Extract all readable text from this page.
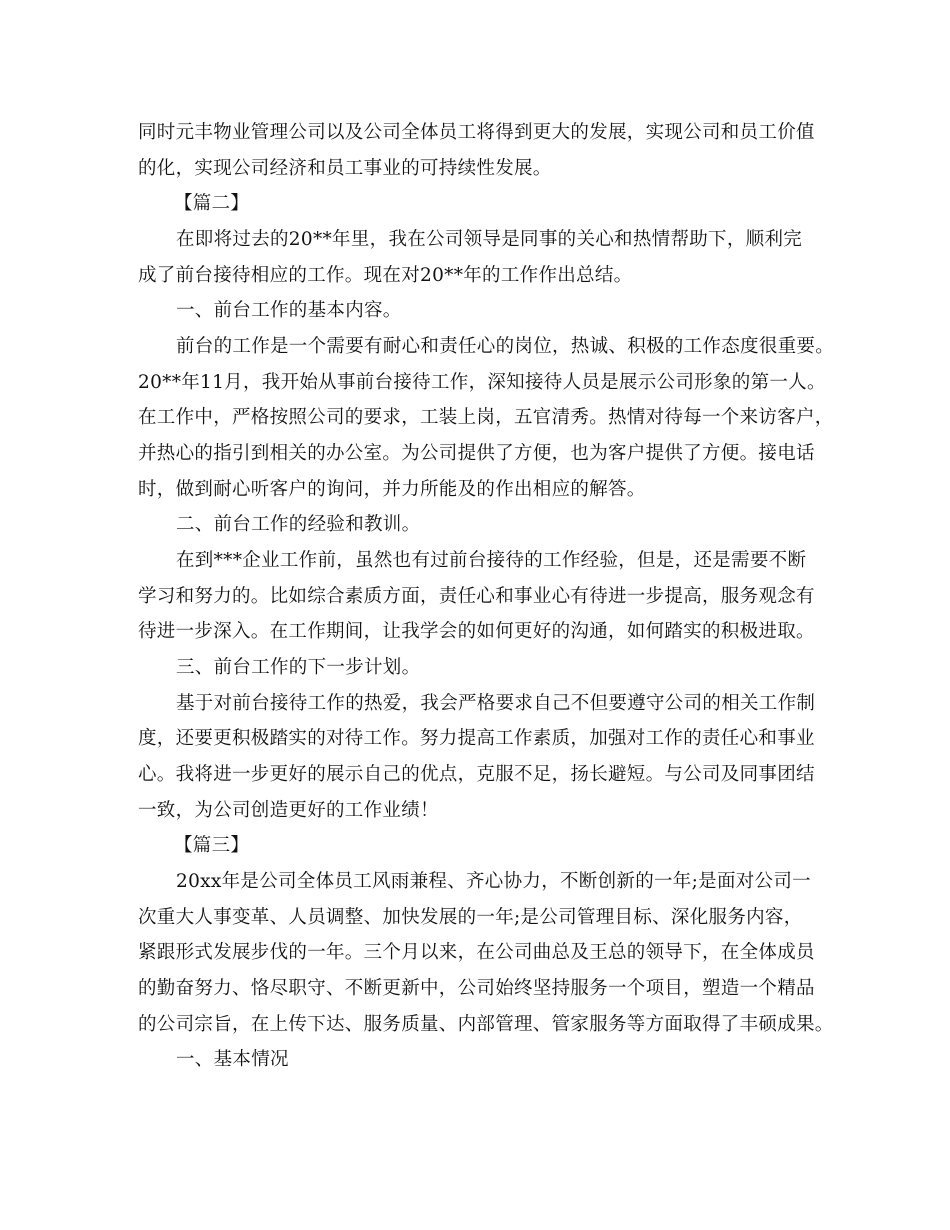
同时元丰物业管理公司以及公司全体员工将得到更大的发展，实现公司和员工价值
的化，实现公司经济和员工事业的可持续性发展。
【篇二】
在即将过去的20**年里，我在公司领导是同事的关心和热情帮助下，顺利完
成了前台接待相应的工作。现在对20**年的工作作出总结。
一、前台工作的基本内容。
前台的工作是一个需要有耐心和责任心的岗位，热诚、积极的工作态度很重要。
20**年11月，我开始从事前台接待工作，深知接待人员是展示公司形象的第一人。
在工作中，严格按照公司的要求，工装上岗，五官清秀。热情对待每一个来访客户，
并热心的指引到相关的办公室。为公司提供了方便，也为客户提供了方便。接电话
时，做到耐心听客户的询问，并力所能及的作出相应的解答。
二、前台工作的经验和教训。
在到***企业工作前，虽然也有过前台接待的工作经验，但是，还是需要不断
学习和努力的。比如综合素质方面，责任心和事业心有待进一步提高，服务观念有
待进一步深入。在工作期间，让我学会的如何更好的沟通，如何踏实的积极进取。
三、前台工作的下一步计划。
基于对前台接待工作的热爱，我会严格要求自己不但要遵守公司的相关工作制
度，还要更积极踏实的对待工作。努力提高工作素质，加强对工作的责任心和事业
心。我将进一步更好的展示自己的优点，克服不足，扬长避短。与公司及同事团结
一致，为公司创造更好的工作业绩！
【篇三】
20xx年是公司全体员工风雨兼程、齐心协力，不断创新的一年;是面对公司一
次重大人事变革、人员调整、加快发展的一年;是公司管理目标、深化服务内容，
紧跟形式发展步伐的一年。三个月以来，在公司曲总及王总的领导下，在全体成员
的勤奋努力、恪尽职守、不断更新中，公司始终坚持服务一个项目，塑造一个精品
的公司宗旨，在上传下达、服务质量、内部管理、管家服务等方面取得了丰硕成果。
一、基本情况
